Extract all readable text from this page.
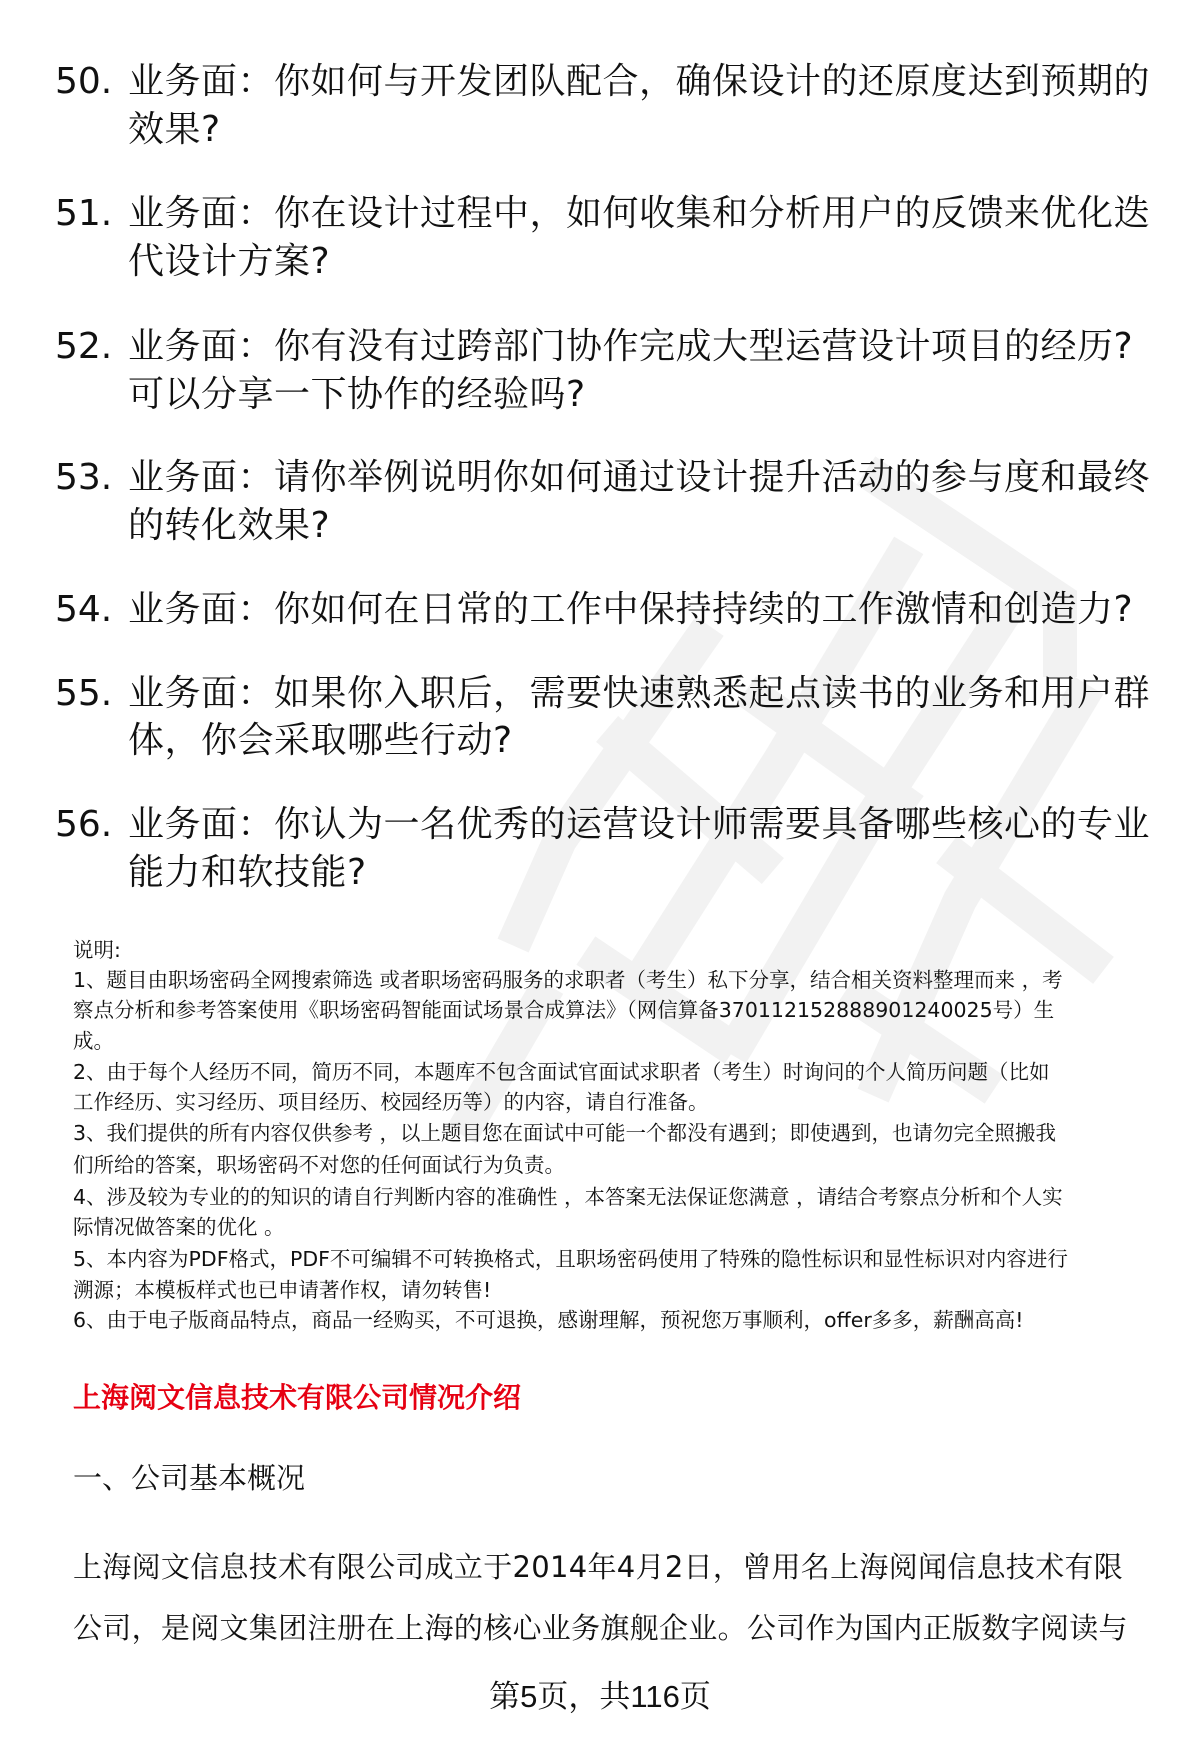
50. 业务面：你如何与开发团队配合，确保设计的还原度达到预期的
效果?
51. 业务面：你在设计过程中，如何收集和分析用户的反馈来优化迭
代设计方案?
52. 业务面：你有没有过跨部门协作完成大型运营设计项目的经历?
可以分享一下协作的经验吗?
53. 业务面：请你举例说明你如何通过设计提升活动的参与度和最终
的转化效果?
54. 业务面：你如何在日常的工作中保持持续的工作激情和创造力?
55. 业务面：如果你入职后，需要快速熟悉起点读书的业务和用户群
体，你会采取哪些行动?
56. 业务面：你认为一名优秀的运营设计师需要具备哪些核心的专业
能力和软技能?
说明:
1、题目由职场密码全网搜索筛选 或者职场密码服务的求职者（考生）私下分享，结合相关资料整理而来 ，考
察点分析和参考答案使用《职场密码智能面试场景合成算法》（网信算备370112152888901240025号）生
成。
2、由于每个人经历不同，简历不同，本题库不包含面试官面试求职者（考生）时询问的个人简历问题（比如
工作经历、实习经历、项目经历、校园经历等）的内容，请自行准备。
3、我们提供的所有内容仅供参考 ，以上题目您在面试中可能一个都没有遇到；即使遇到，也请勿完全照搬我
们所给的答案，职场密码不对您的任何面试行为负责。
4、涉及较为专业的的知识的请自行判断内容的准确性 ，本答案无法保证您满意 ，请结合考察点分析和个人实
际情况做答案的优化 。
5、本内容为PDF格式，PDF不可编辑不可转换格式，且职场密码使用了特殊的隐性标识和显性标识对内容进行
溯源；本模板样式也已申请著作权，请勿转售!
6、由于电子版商品特点，商品一经购买，不可退换，感谢理解，预祝您万事顺利，offer多多，薪酬高高!
上海阅文信息技术有限公司情况介绍
一、公司基本概况
上海阅文信息技术有限公司成立于2014年4月2日，曾用名上海阅闻信息技术有限
公司，是阅文集团注册在上海的核心业务旗舰企业。公司作为国内正版数字阅读与
第5页，共116页
